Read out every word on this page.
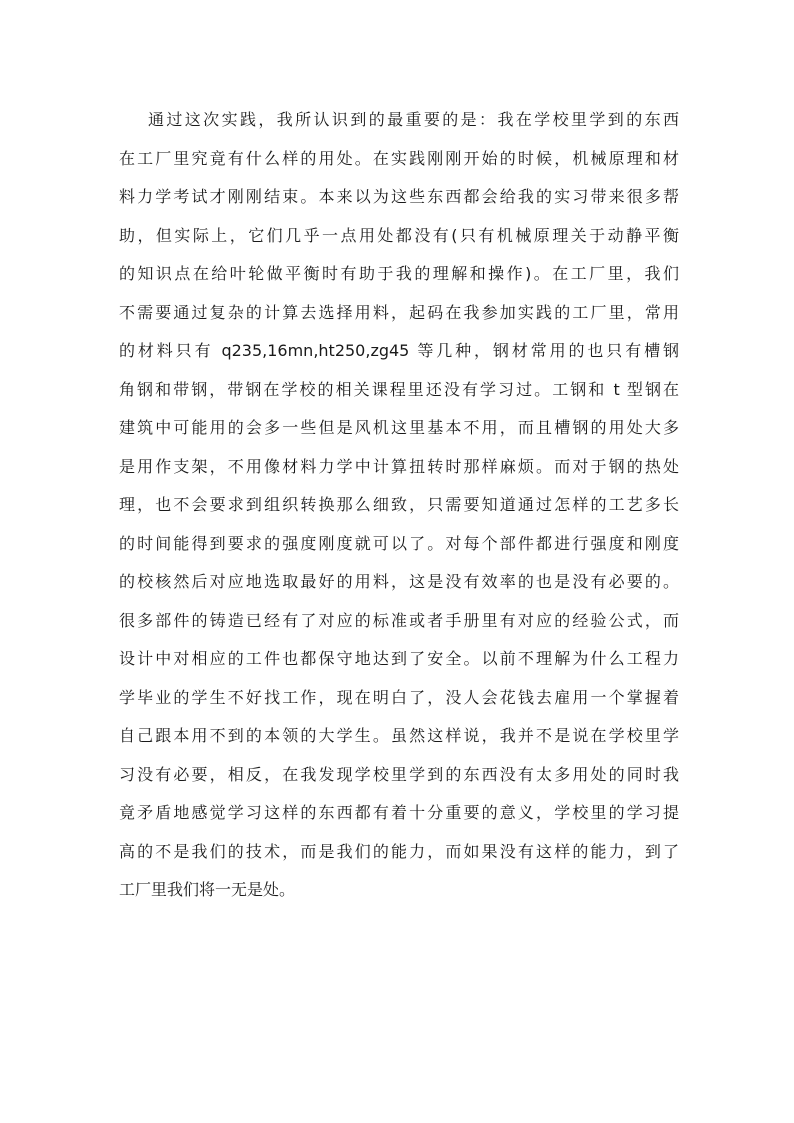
通过这次实践，我所认识到的最重要的是：我在学校里学到的东西
在工厂里究竟有什么样的用处。在实践刚刚开始的时候，机械原理和材
料力学考试才刚刚结束。本来以为这些东西都会给我的实习带来很多帮
助，但实际上，它们几乎一点用处都没有(只有机械原理关于动静平衡
的知识点在给叶轮做平衡时有助于我的理解和操作)。在工厂里，我们
不需要通过复杂的计算去选择用料，起码在我参加实践的工厂里，常用
的材料只有 q235,16mn,ht250,zg45 等几种，钢材常用的也只有槽钢
角钢和带钢，带钢在学校的相关课程里还没有学习过。工钢和 t 型钢在
建筑中可能用的会多一些但是风机这里基本不用，而且槽钢的用处大多
是用作支架，不用像材料力学中计算扭转时那样麻烦。而对于钢的热处
理，也不会要求到组织转换那么细致，只需要知道通过怎样的工艺多长
的时间能得到要求的强度刚度就可以了。对每个部件都进行强度和刚度
的校核然后对应地选取最好的用料，这是没有效率的也是没有必要的。
很多部件的铸造已经有了对应的标准或者手册里有对应的经验公式，而
设计中对相应的工件也都保守地达到了安全。以前不理解为什么工程力
学毕业的学生不好找工作，现在明白了，没人会花钱去雇用一个掌握着
自己跟本用不到的本领的大学生。虽然这样说，我并不是说在学校里学
习没有必要，相反，在我发现学校里学到的东西没有太多用处的同时我
竟矛盾地感觉学习这样的东西都有着十分重要的意义，学校里的学习提
高的不是我们的技术，而是我们的能力，而如果没有这样的能力，到了
工厂里我们将一无是处。
